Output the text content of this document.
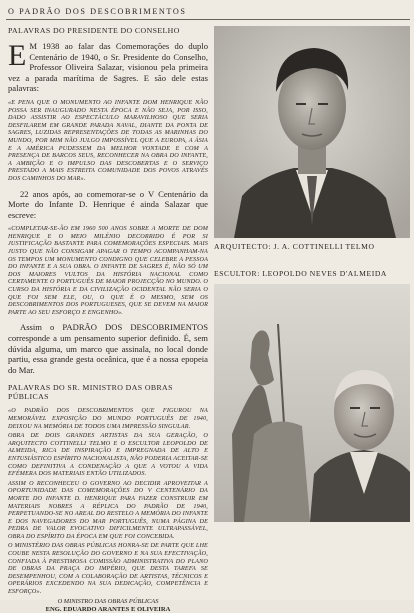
O PADRÃO DOS DESCOBRIMENTOS
PALAVRAS DO PRESIDENTE DO CONSELHO

E M 1938 ao falar das Comemorações do duplo Centenário de 1940, o Sr. Presidente do Conselho, Professor Oliveira Salazar, visionou pela primeira vez a parada marítima de Sagres. E são dele estas palavras:

«E PENA QUE O MONUMENTO AO INFANTE DOM HENRIQUE NÃO POSSA SER INAUGURADO NESTA ÉPOCA E NÃO SEJA, POR ISSO, DADO ASSISTIR AO ESPECTÁCULO MARAVILHOSO QUE SERIA DESFILAREM EM GRANDE PARADA NAVAL, DIANTE DA PONTA DE SAGRES, LUZIDAS REPRESENTAÇÕES DE TODAS AS MARINHAS DO MUNDO, POR MIM NÃO JULGO IMPOSSÍVEL QUE A EUROPA, A ÁSIA E A AMÉRICA PUDESSEM DA MELHOR VONTADE E COM A PRESENÇA DE BARCOS SEUS, RECONHECER NA OBRA DO INFANTE, A AMBIÇÃO E O IMPULSO DAS DESCOBERTAS E O SERVIÇO PRESTADO A MAIS ESTREITA COMUNIDADE DOS POVOS ATRAVÉS DOS CAMINHOS DO MAR».

22 anos após, ao comemorar-se o V Centenário da Morte do Infante D. Henrique é ainda Salazar que escreve:

«COMPLETAR-SE-ÃO EM 1960 500 ANOS SOBRE A MORTE DE DOM HENRIQUE E O MEIO MILÉNIO DECORRIDO É POR SI JUSTIFICAÇÃO BASTANTE PARA COMEMORAÇÕES ESPECIAIS. MAIS JUSTO QUE NÃO CONSIGAM APAGAR O TEMPO ACOMPANHAM-NA OS TEMPOS UM MONUMENTO CONDIGNO QUE CELEBRE A PESSOA DO INFANTE E A SUA OBRA. O INFANTE DE SAGRES É, NÃO SÓ UM DOS MAIORES VULTOS DA HISTÓRIA NACIONAL COMO CERTAMENTE O PORTUGUÊS DE MAIOR PROJECÇÃO NO MUNDO. O CURSO DA HISTÓRIA E DA CIVILIZAÇÃO OCIDENTAL NÃO SERIA O QUE FOI SEM ELE, OU, O QUE É O MESMO, SEM OS DESCOBRIMENTOS DOS PORTUGUESES, QUE SE DEVEM NA MAIOR PARTE AO SEU ESFORÇO E ENGENHO».

Assim o PADRÃO DOS DESCOBRIMENTOS corresponde a um pensamento superior definido. É, sem dúvida alguma, um marco que assinala, no local donde partiu, essa grande gesta oceânica, que é a nossa epopeia do Mar.

PALAVRAS DO SR. MINISTRO DAS OBRAS PÚBLICAS

«O PADRÃO DOS DESCOBRIMENTOS QUE FIGUROU NA MEMORÁVEL EXPOSIÇÃO DO MUNDO PORTUGUÊS DE 1940, DEIXOU NA MEMÓRIA DE TODOS UMA IMPRESSÃO SINGULAR.

OBRA DE DOIS GRANDES ARTISTAS DA SUA GERAÇÃO, O ARQUITECTO COTTINELLI TELMO E O ESCULTOR LEOPOLDO DE ALMEIDA, RICA DE INSPIRAÇÃO E IMPREGNADA DE ALTO E ENTUSIÁSTICO ESPÍRITO NACIONALISTA, NÃO PODERIA ACEITAR-SE COMO DEFINITIVA A CONDENAÇÃO A QUE A VOTOU A VIDA EFÉMERA DOS MATERIAIS ENTÃO UTILIZADOS.

ASSIM O RECONHECEU O GOVERNO AO DECIDIR APROVEITAR A OPORTUNIDADE DAS COMEMORAÇÕES DO V CENTENÁRIO DA MORTE DO INFANTE D. HENRIQUE PARA FAZER CONSTRUIR EM MATERIAIS NOBRES A RÉPLICA DO PADRÃO DE 1940, PERPETUANDO-SE NO AREAL DO RESTELO A MEMÓRIA DO INFANTE E DOS NAVEGADORES DO MAR PORTUGUÊS, NUMA PÁGINA DE PEDRA DE VALOR EVOCATIVO DIFICILMENTE ULTRAPASSÁVEL, OBRA DO ESPÍRITO DA ÉPOCA EM QUE FOI CONCEBIDA.

O MINISTÉRIO DAS OBRAS PÚBLICAS HONRA-SE DE PARTE QUE LHE COUBE NESTA RESOLUÇÃO DO GOVERNO E NA SUA EFECTIVAÇÃO, CONFIADA À PRESTIMOSA COMISSÃO ADMINISTRATIVA DO PLANO DE OBRAS DA PRAÇA DO IMPÉRIO, QUE DESTA TAREFA SE DESEMPENHOU, COM A COLABORAÇÃO DE ARTISTAS, TÉCNICOS E OPERÁRIOS EXCEDENDO NA SUA DEDICAÇÃO, COMPETÊNCIA E ESFORÇO».

O MINISTRO DAS OBRAS PÚBLICAS
ENG. EDUARDO ARANTES E OLIVEIRA
ARQUITECTO: J. A. COTTINELLI TELMO
ESCULTOR: LEOPOLDO NEVES D'ALMEIDA
